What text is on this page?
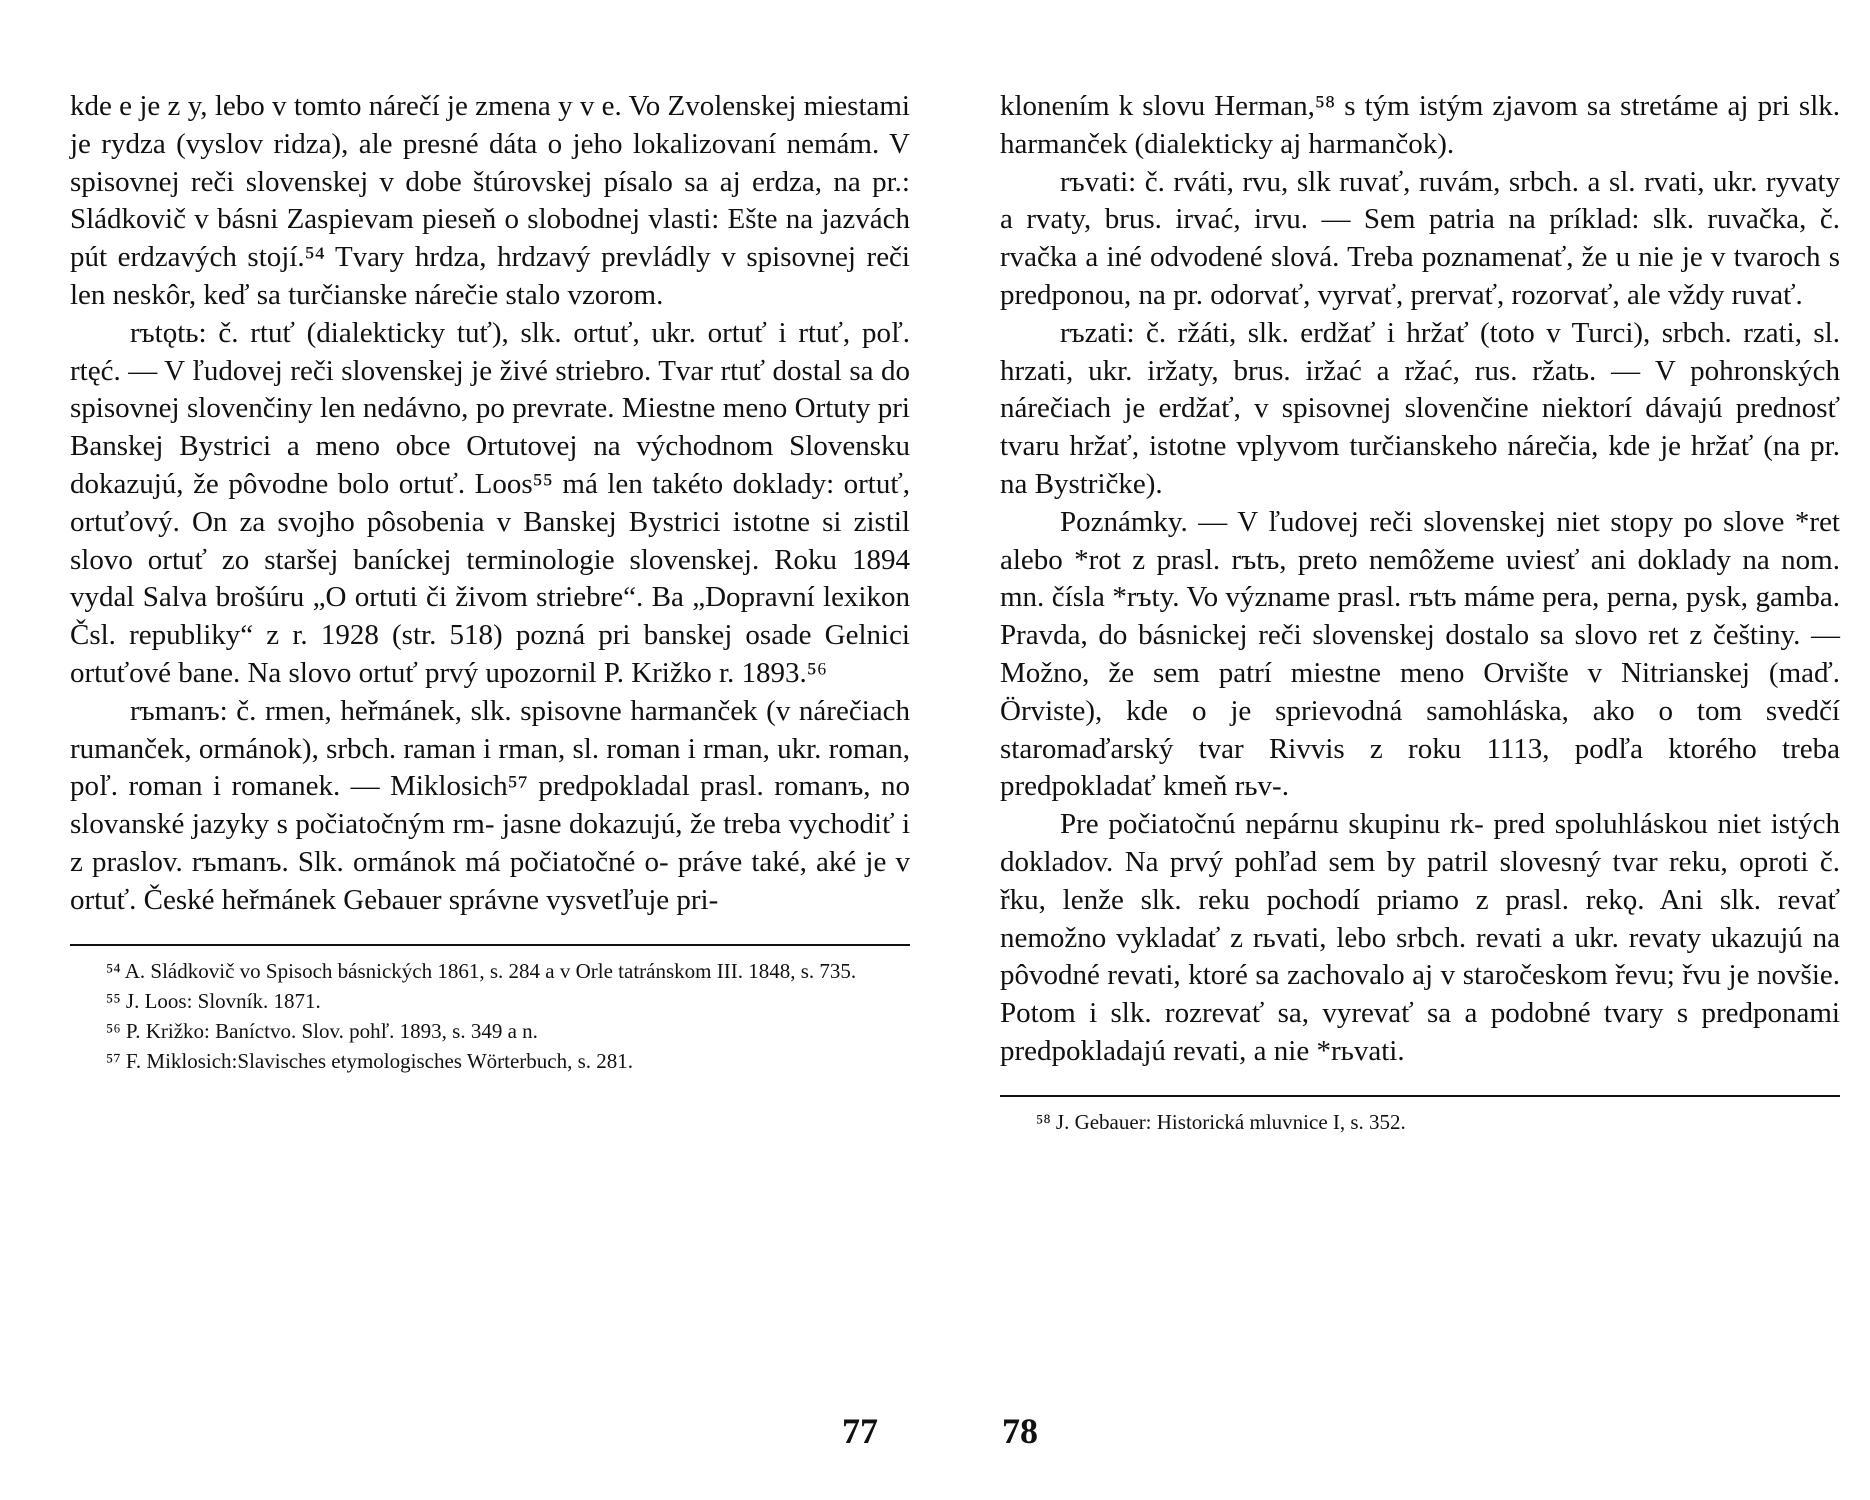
kde e je z y, lebo v tomto nárečí je zmena y v e. Vo Zvolenskej miestami je rydza (vyslov ridza), ale presné dáta o jeho lokalizovaní nemám. V spisovnej reči slovenskej v dobe štúrovskej písalo sa aj erdza, na pr.: Sládkovič v básni Zaspievam pieseň o slobodnej vlasti: Ešte na jazvách pút erdzavých stojí.⁵⁴ Tvary hrdza, hrdzavý prevládly v spisovnej reči len neskôr, keď sa turčianske nárečie stalo vzorom.

rъtǫtь: č. rtuť (dialekticky tuť), slk. ortuť, ukr. ortuť i rtuť, poľ. rtęć. — V ľudovej reči slovenskej je živé striebro. Tvar rtuť dostal sa do spisovnej slovenčiny len nedávno, po prevrate. Miestne meno Ortuty pri Banskej Bystrici a meno obce Ortutovej na východnom Slovensku dokazujú, že pôvodne bolo ortuť. Loos⁵⁵ má len takéto doklady: ortuť, ortuťový. On za svojho pôsobenia v Banskej Bystrici istotne si zistil slovo ortuť zo staršej baníckej terminologie slovenskej. Roku 1894 vydal Salva brošúru „O ortuti či živom striebre“. Ba „Dopravní lexikon Čsl. republiky“ z r. 1928 (str. 518) pozná pri banskej osade Gelnici ortuťové bane. Na slovo ortuť prvý upozornil P. Križko r. 1893.⁵⁶

rъmanъ: č. rmen, heřmánek, slk. spisovne harmanček (v nárečiach rumanček, ormánok), srbch. raman i rman, sl. roman i rman, ukr. roman, poľ. roman i romanek. — Miklosich⁵⁷ predpokladal prasl. romanъ, no slovanské jazyky s počiatočným rm- jasne dokazujú, že treba vychodiť i z praslov. rъmanъ. Slk. ormánok má počiatočné o- práve také, aké je v ortuť. České heřmánek Gebauer správne vysvetľuje pri-

⁵⁴ A. Sládkovič vo Spisoch básnických 1861, s. 284 a v Orle tatránskom III. 1848, s. 735.

⁵⁵ J. Loos: Slovník. 1871.

⁵⁶ P. Križko: Baníctvo. Slov. pohľ. 1893, s. 349 a n.

⁵⁷ F. Miklosich:Slavisches etymologisches Wörterbuch, s. 281.

klonením k slovu Herman,⁵⁸ s tým istým zjavom sa stretáme aj pri slk. harmanček (dialekticky aj harmančok).

rъvati: č. rváti, rvu, slk ruvať, ruvám, srbch. a sl. rvati, ukr. ryvaty a rvaty, brus. irvać, irvu. — Sem patria na príklad: slk. ruvačka, č. rvačka a iné odvodené slová. Treba poznamenať, že u nie je v tvaroch s predponou, na pr. odorvať, vyrvať, prervať, rozorvať, ale vždy ruvať.

rъzati: č. ržáti, slk. erdžať i hržať (toto v Turci), srbch. rzati, sl. hrzati, ukr. iržaty, brus. iržać a ržać, rus. ržatь. — V pohronských nárečiach je erdžať, v spisovnej slovenčine niektorí dávajú prednosť tvaru hržať, istotne vplyvom turčianskeho nárečia, kde je hržať (na pr. na Bystričke).

Poznámky. — V ľudovej reči slovenskej niet stopy po slove *ret alebo *rot z prasl. rъtъ, preto nemôžeme uviesť ani doklady na nom. mn. čísla *rъty. Vo význame prasl. rъtъ máme pera, perna, pysk, gamba. Pravda, do básnickej reči slovenskej dostalo sa slovo ret z češtiny. — Možno, že sem patrí miestne meno Orvište v Nitrianskej (maď. Örviste), kde o je sprievodná samohláska, ako o tom svedčí staromaďarský tvar Rivvis z roku 1113, podľa ktorého treba predpokladať kmeň rьv-.

Pre počiatočnú nepárnu skupinu rk- pred spoluhláskou niet istých dokladov. Na prvý pohľad sem by patril slovesný tvar reku, oproti č. řku, lenže slk. reku pochodí priamo z prasl. rekǫ. Ani slk. revať nemožno vykladať z rьvati, lebo srbch. revati a ukr. revaty ukazujú na pôvodné revati, ktoré sa zachovalo aj v staročeskom řevu; řvu je novšie. Potom i slk. rozrevať sa, vyrevať sa a podobné tvary s predponami predpokladajú revati, a nie *rьvati.

⁵⁸ J. Gebauer: Historická mluvnice I, s. 352.

77	78
